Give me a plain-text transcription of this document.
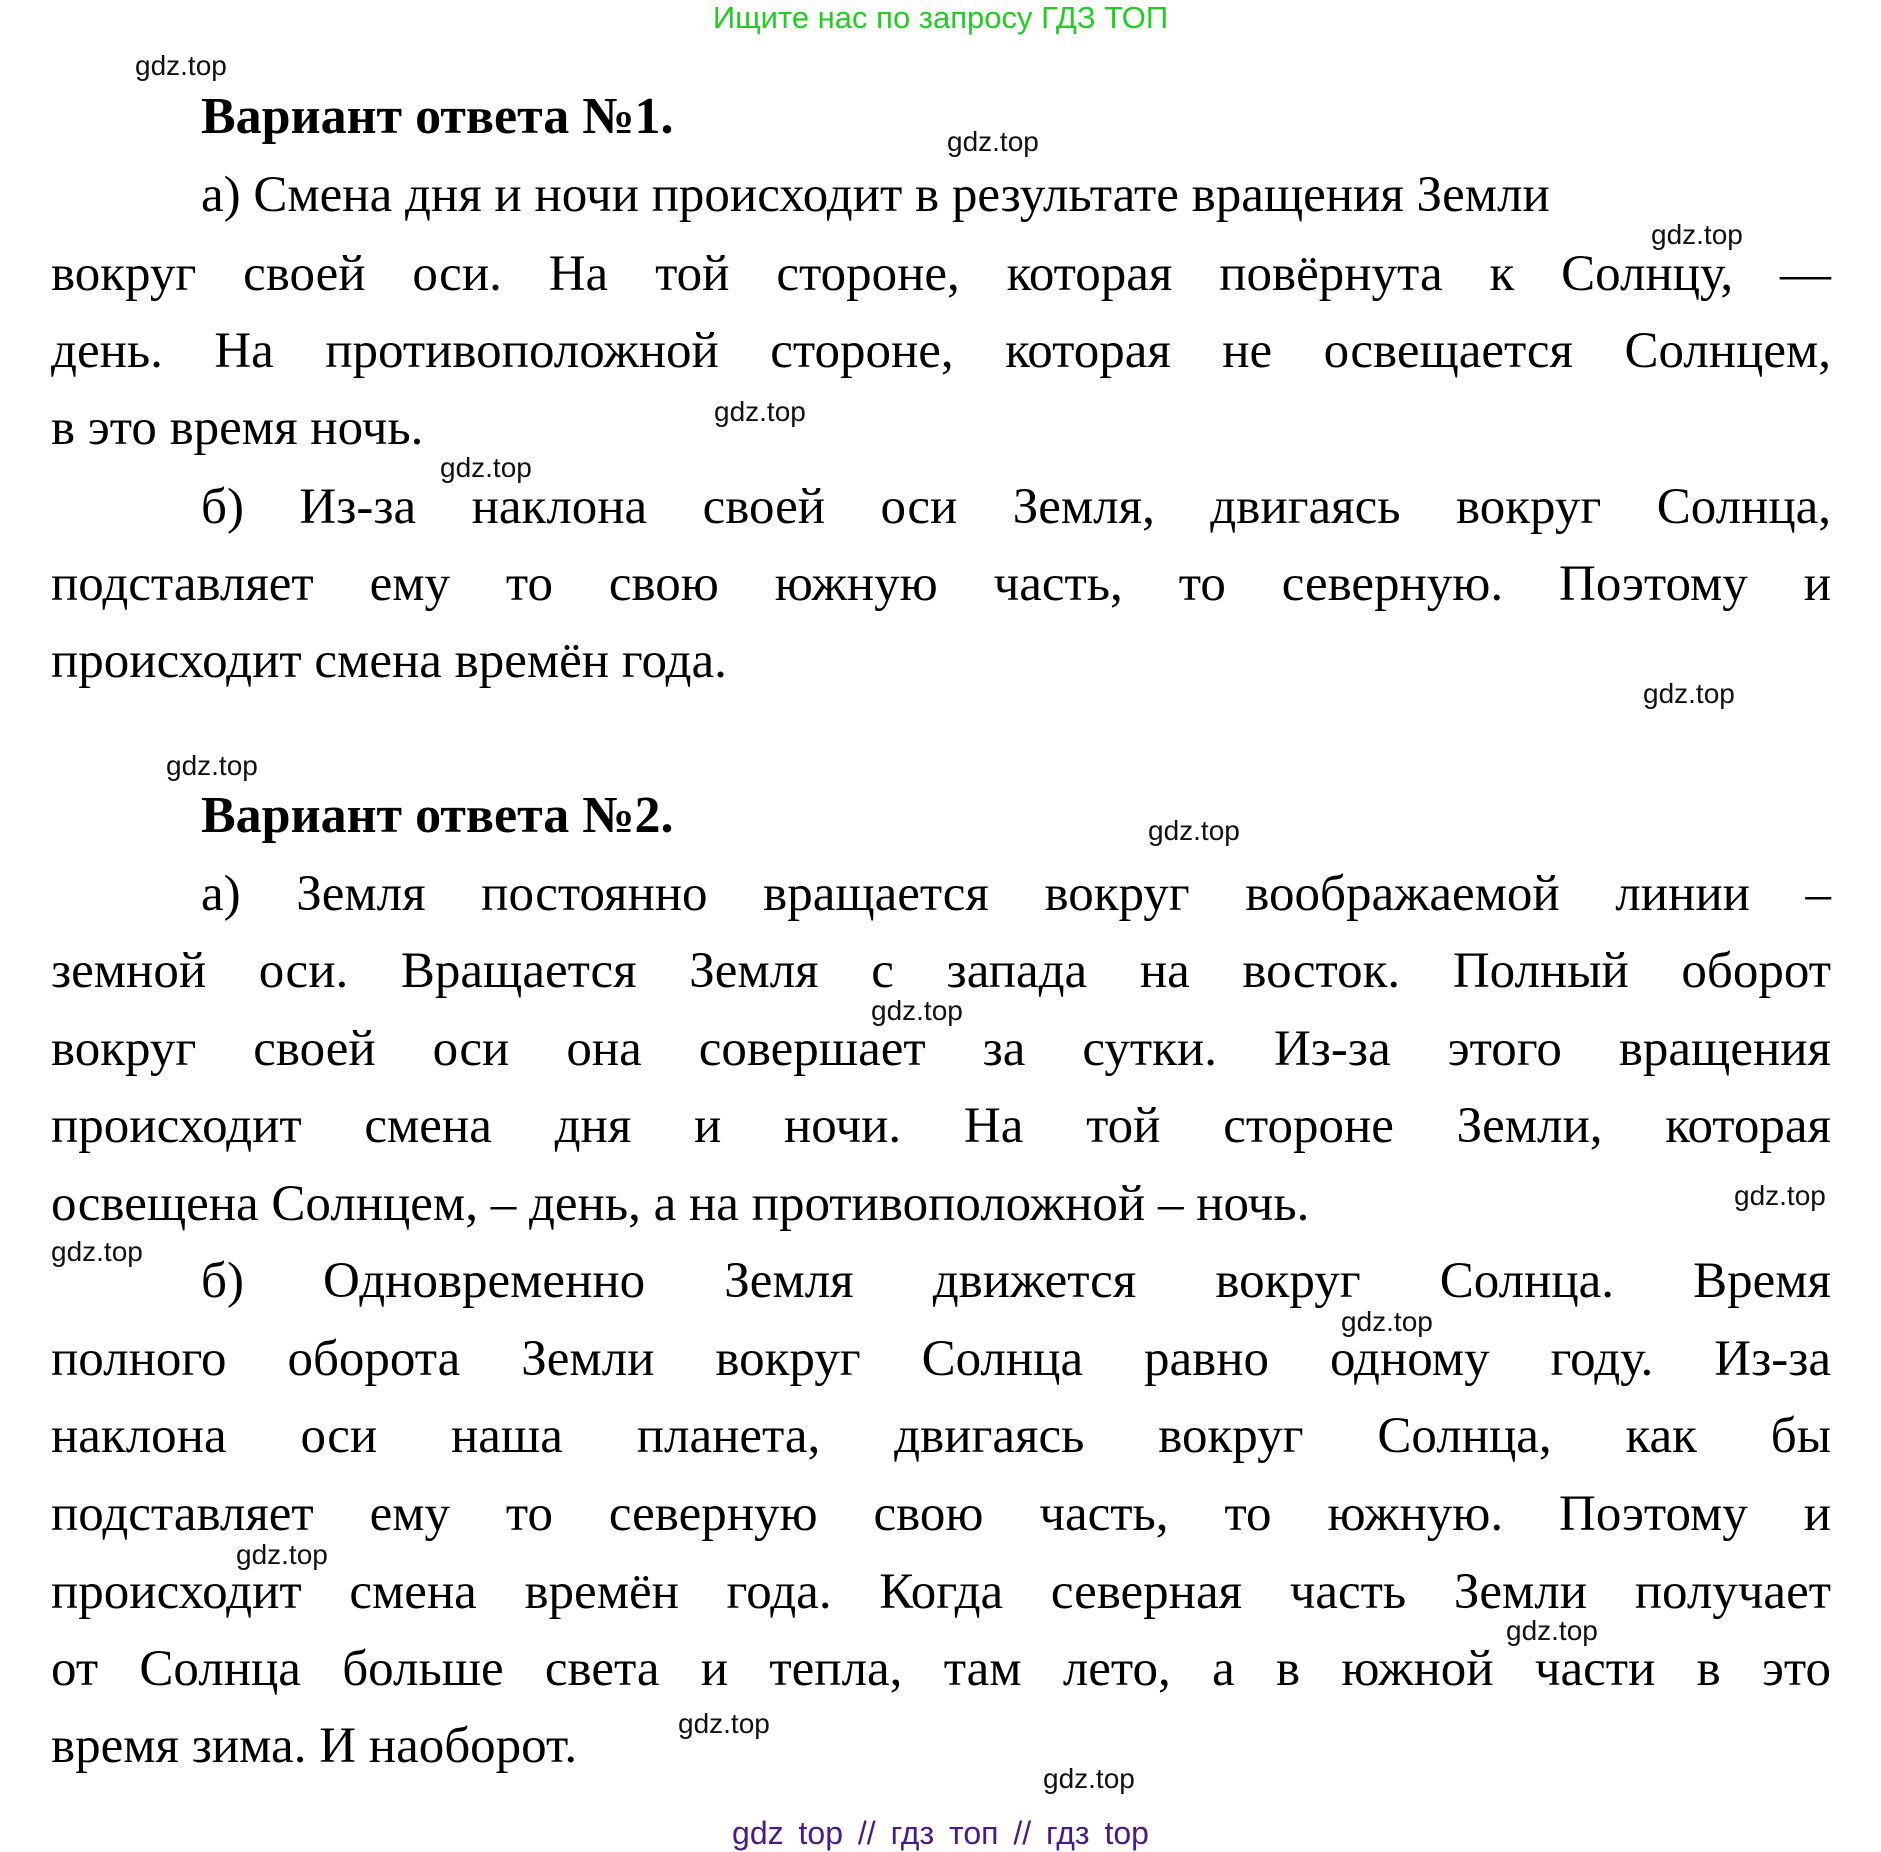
Ищите нас по запросу ГДЗ ТОП
Вариант ответа №1.
а) Смена дня и ночи происходит в результате вращения Земли
вокруг своей оси. На той стороне, которая повёрнута к Солнцу, —
день. На противоположной стороне, которая не освещается Солнцем,
в это время ночь.
б) Из-за наклона своей оси Земля, двигаясь вокруг Солнца,
подставляет ему то свою южную часть, то северную. Поэтому и
происходит смена времён года.
Вариант ответа №2.
а) Земля постоянно вращается вокруг воображаемой линии –
земной оси. Вращается Земля с запада на восток. Полный оборот
вокруг своей оси она совершает за сутки. Из-за этого вращения
происходит смена дня и ночи. На той стороне Земли, которая
освещена Солнцем, – день, а на противоположной – ночь.
б) Одновременно Земля движется вокруг Солнца. Время
полного оборота Земли вокруг Солнца равно одному году. Из-за
наклона оси наша планета, двигаясь вокруг Солнца, как бы
подставляет ему то северную свою часть, то южную. Поэтому и
происходит смена времён года. Когда северная часть Земли получает
от Солнца больше света и тепла, там лето, а в южной части в это
время зима. И наоборот.
gdz.top
gdz.top
gdz.top
gdz.top
gdz.top
gdz.top
gdz.top
gdz.top
gdz.top
gdz.top
gdz.top
gdz.top
gdz.top
gdz.top
gdz.top
gdz.top
gdz top // гдз топ // гдз top
